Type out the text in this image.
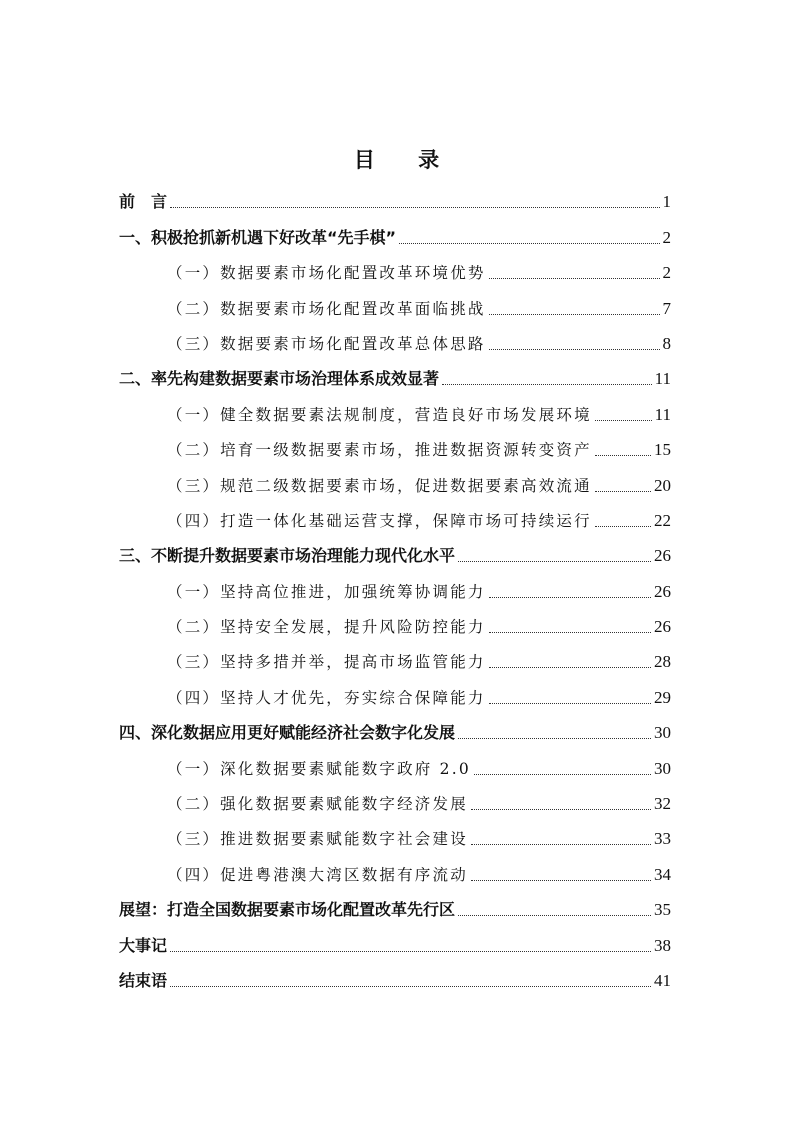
目 录
前　言	1
一、积极抢抓新机遇下好改革“先手棋”	2
（一）数据要素市场化配置改革环境优势	2
（二）数据要素市场化配置改革面临挑战	7
（三）数据要素市场化配置改革总体思路	8
二、率先构建数据要素市场治理体系成效显著	11
（一）健全数据要素法规制度，营造良好市场发展环境	11
（二）培育一级数据要素市场，推进数据资源转变资产	15
（三）规范二级数据要素市场，促进数据要素高效流通	20
（四）打造一体化基础运营支撑，保障市场可持续运行	22
三、不断提升数据要素市场治理能力现代化水平	26
（一）坚持高位推进，加强统筹协调能力	26
（二）坚持安全发展，提升风险防控能力	26
（三）坚持多措并举，提高市场监管能力	28
（四）坚持人才优先，夯实综合保障能力	29
四、深化数据应用更好赋能经济社会数字化发展	30
（一）深化数据要素赋能数字政府 2.0	30
（二）强化数据要素赋能数字经济发展	32
（三）推进数据要素赋能数字社会建设	33
（四）促进粤港澳大湾区数据有序流动	34
展望：打造全国数据要素市场化配置改革先行区	35
大事记	38
结束语	41
